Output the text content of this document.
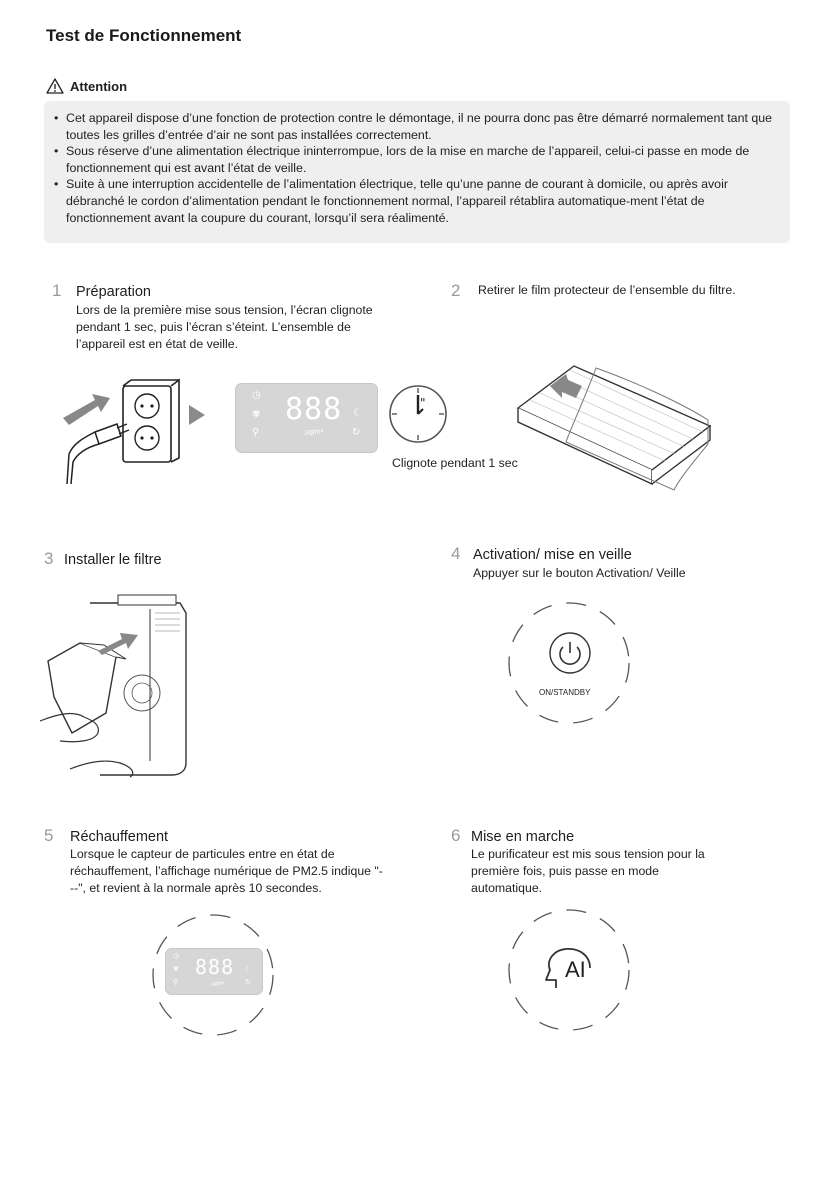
Test de Fonctionnement
Attention
• Cet appareil dispose d’une fonction de protection contre le démontage, il ne pourra donc pas être démarré normalement tant que toutes les grilles d’entrée d’air ne sont pas installées correctement.
• Sous réserve d’une alimentation électrique ininterrompue, lors de la mise en marche de l’appareil, celui-ci passe en mode de fonctionnement qui est avant l’état de veille.
• Suite à une interruption accidentelle de l’alimentation électrique, telle qu’une panne de courant à domicile, ou après avoir débranché le cordon d’alimentation pendant le fonctionnement normal, l’appareil rétablira automatique-ment l’état de fonctionnement avant la coupure du courant, lorsqu’il sera réalimenté.
1 Préparation
Lors de la première mise sous tension, l’écran clignote pendant 1 sec, puis l’écran s’éteint. L’ensemble de l’appareil est en état de veille.
◷
✾
⚲
888
μg/m³
☾
↻
"
Clignote pendant 1 sec
2 Retirer le film protecteur de l’ensemble du filtre.
3 Installer le filtre	4 Activation/ mise en veille
Appuyer sur le bouton Activation/ Veille
ON/STANDBY
5 Réchauffement
Lorsque le capteur de particules entre en état de réchauffement, l’affichage numérique de PM2.5 indique "---", et revient à la normale après 10 secondes.
◷
✾
⚲
888
μg/m³
☾
↻
6 Mise en marche
Le purificateur est mis sous tension pour la première fois, puis passe en mode automatique.
AI
